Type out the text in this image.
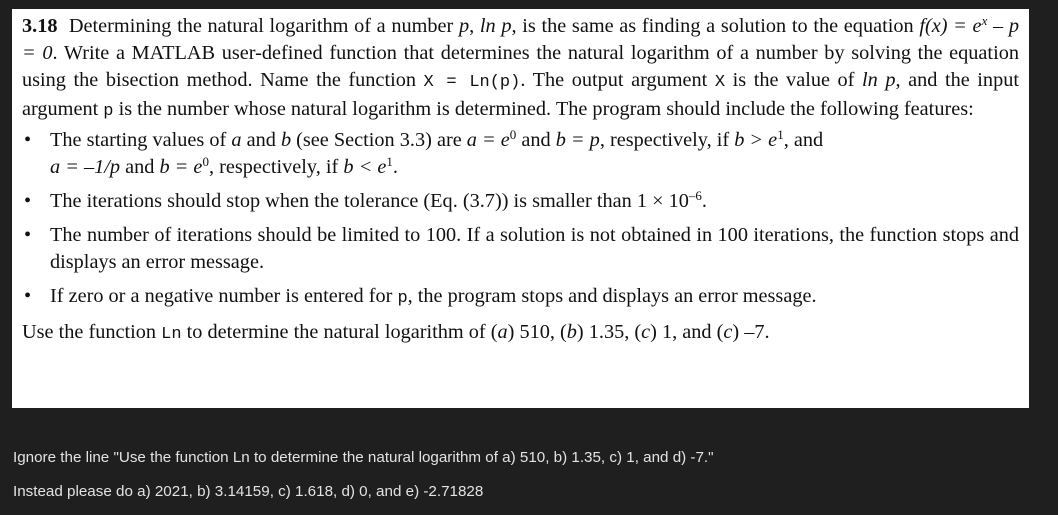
3.18 Determining the natural logarithm of a number p, ln p, is the same as finding a solution to the equation $f(x) = e^x - p = 0$. Write a MATLAB user-defined function that determines the natural logarithm of a number by solving the equation using the bisection method. Name the function X = Ln(p). The output argument X is the value of ln p, and the input argument p is the number whose natural logarithm is determined. The program should include the following features:

• The starting values of a and b (see Section 3.3) are $a = e^0$ and b = p, respectively, if $b > e^1$, and
a = –1/p and $b = e^0$, respectively, if $b < e^1$.
• The iterations should stop when the tolerance (Eq. (3.7)) is smaller than $1 \times 10^{-6}$.
• The number of iterations should be limited to 100. If a solution is not obtained in 100 iterations, the function stops and displays an error message.
• If zero or a negative number is entered for p, the program stops and displays an error message.

Use the function Ln to determine the natural logarithm of (a) 510, (b) 1.35, (c) 1, and (c) –7.

Ignore the line "Use the function Ln to determine the natural logarithm of a) 510, b) 1.35, c) 1, and d) -7."
Instead please do a) 2021, b) 3.14159, c) 1.618, d) 0, and e) -2.71828
